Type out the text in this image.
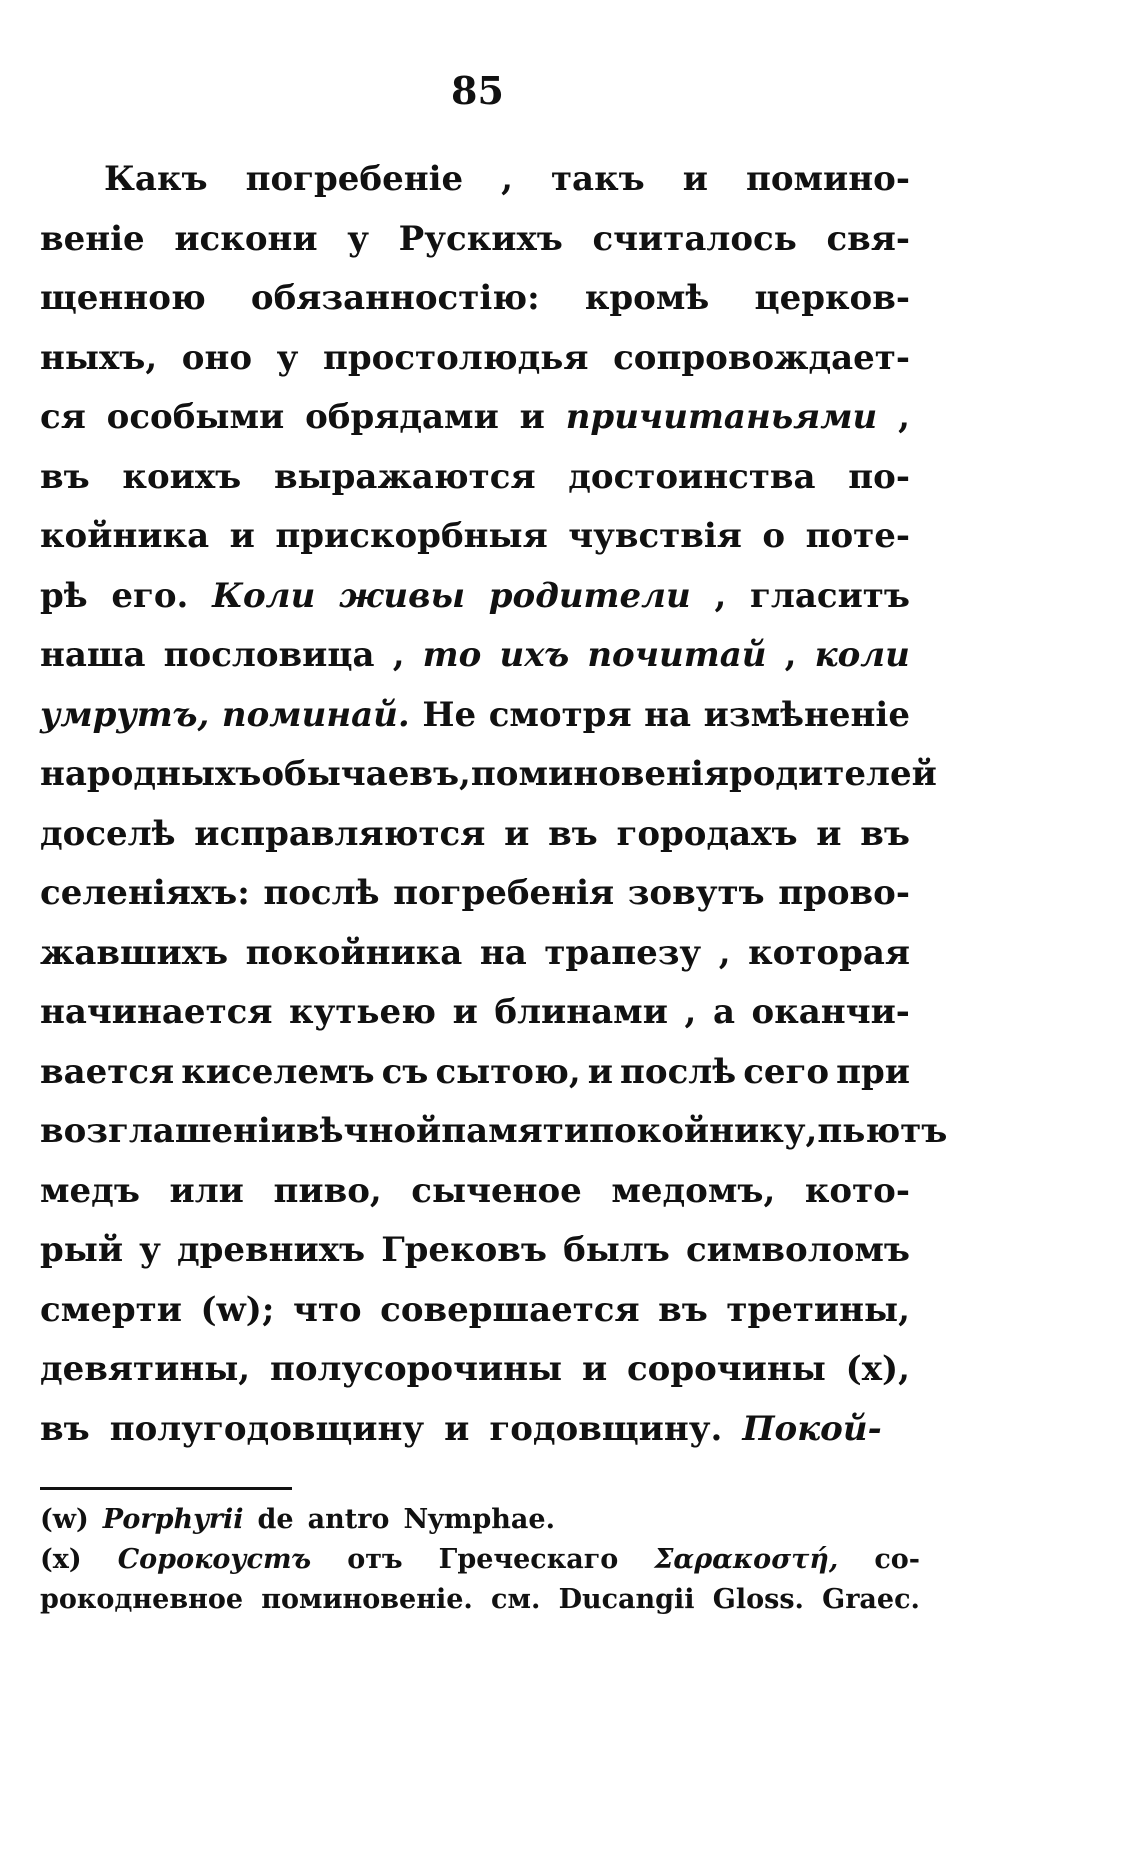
85
Какъ погребеніе , такъ и помино-
веніе искони у Рускихъ считалось свя-
щенною обязанностію: кромѣ церков-
ныхъ, оно у простолюдья сопровождает-
ся особыми обрядами и причитаньями ,
въ коихъ выражаются достоинства по-
койника и прискорбныя чувствія о поте-
рѣ его. Коли живы родители , гласитъ
наша пословица , то ихъ почитай , коли
умрутъ, поминай. Не смотря на измѣненіе
народныхъ обычаевъ, поминовенія родителей
доселѣ исправляются и въ городахъ и въ
селеніяхъ: послѣ погребенія зовутъ прово-
жавшихъ покойника на трапезу , которая
начинается кутьею и блинами , а оканчи-
вается киселемъ съ сытою, и послѣ сего при
возглашеніи вѣчной памяти покойнику, пьютъ
медъ или пиво, сыченое медомъ, кото-
рый у древнихъ Грековъ былъ символомъ
смерти (w); что совершается въ третины,
девятины, полусорочины и сорочины (x),
въ полугодовщину и годовщину. Покой-
(w) Porphyrii de antro Nymphae.
(x) Сорокоустъ отъ Греческаго Σαρακοστή, со-
рокодневное поминовеніе. см. Ducangii Gloss. Graec.
